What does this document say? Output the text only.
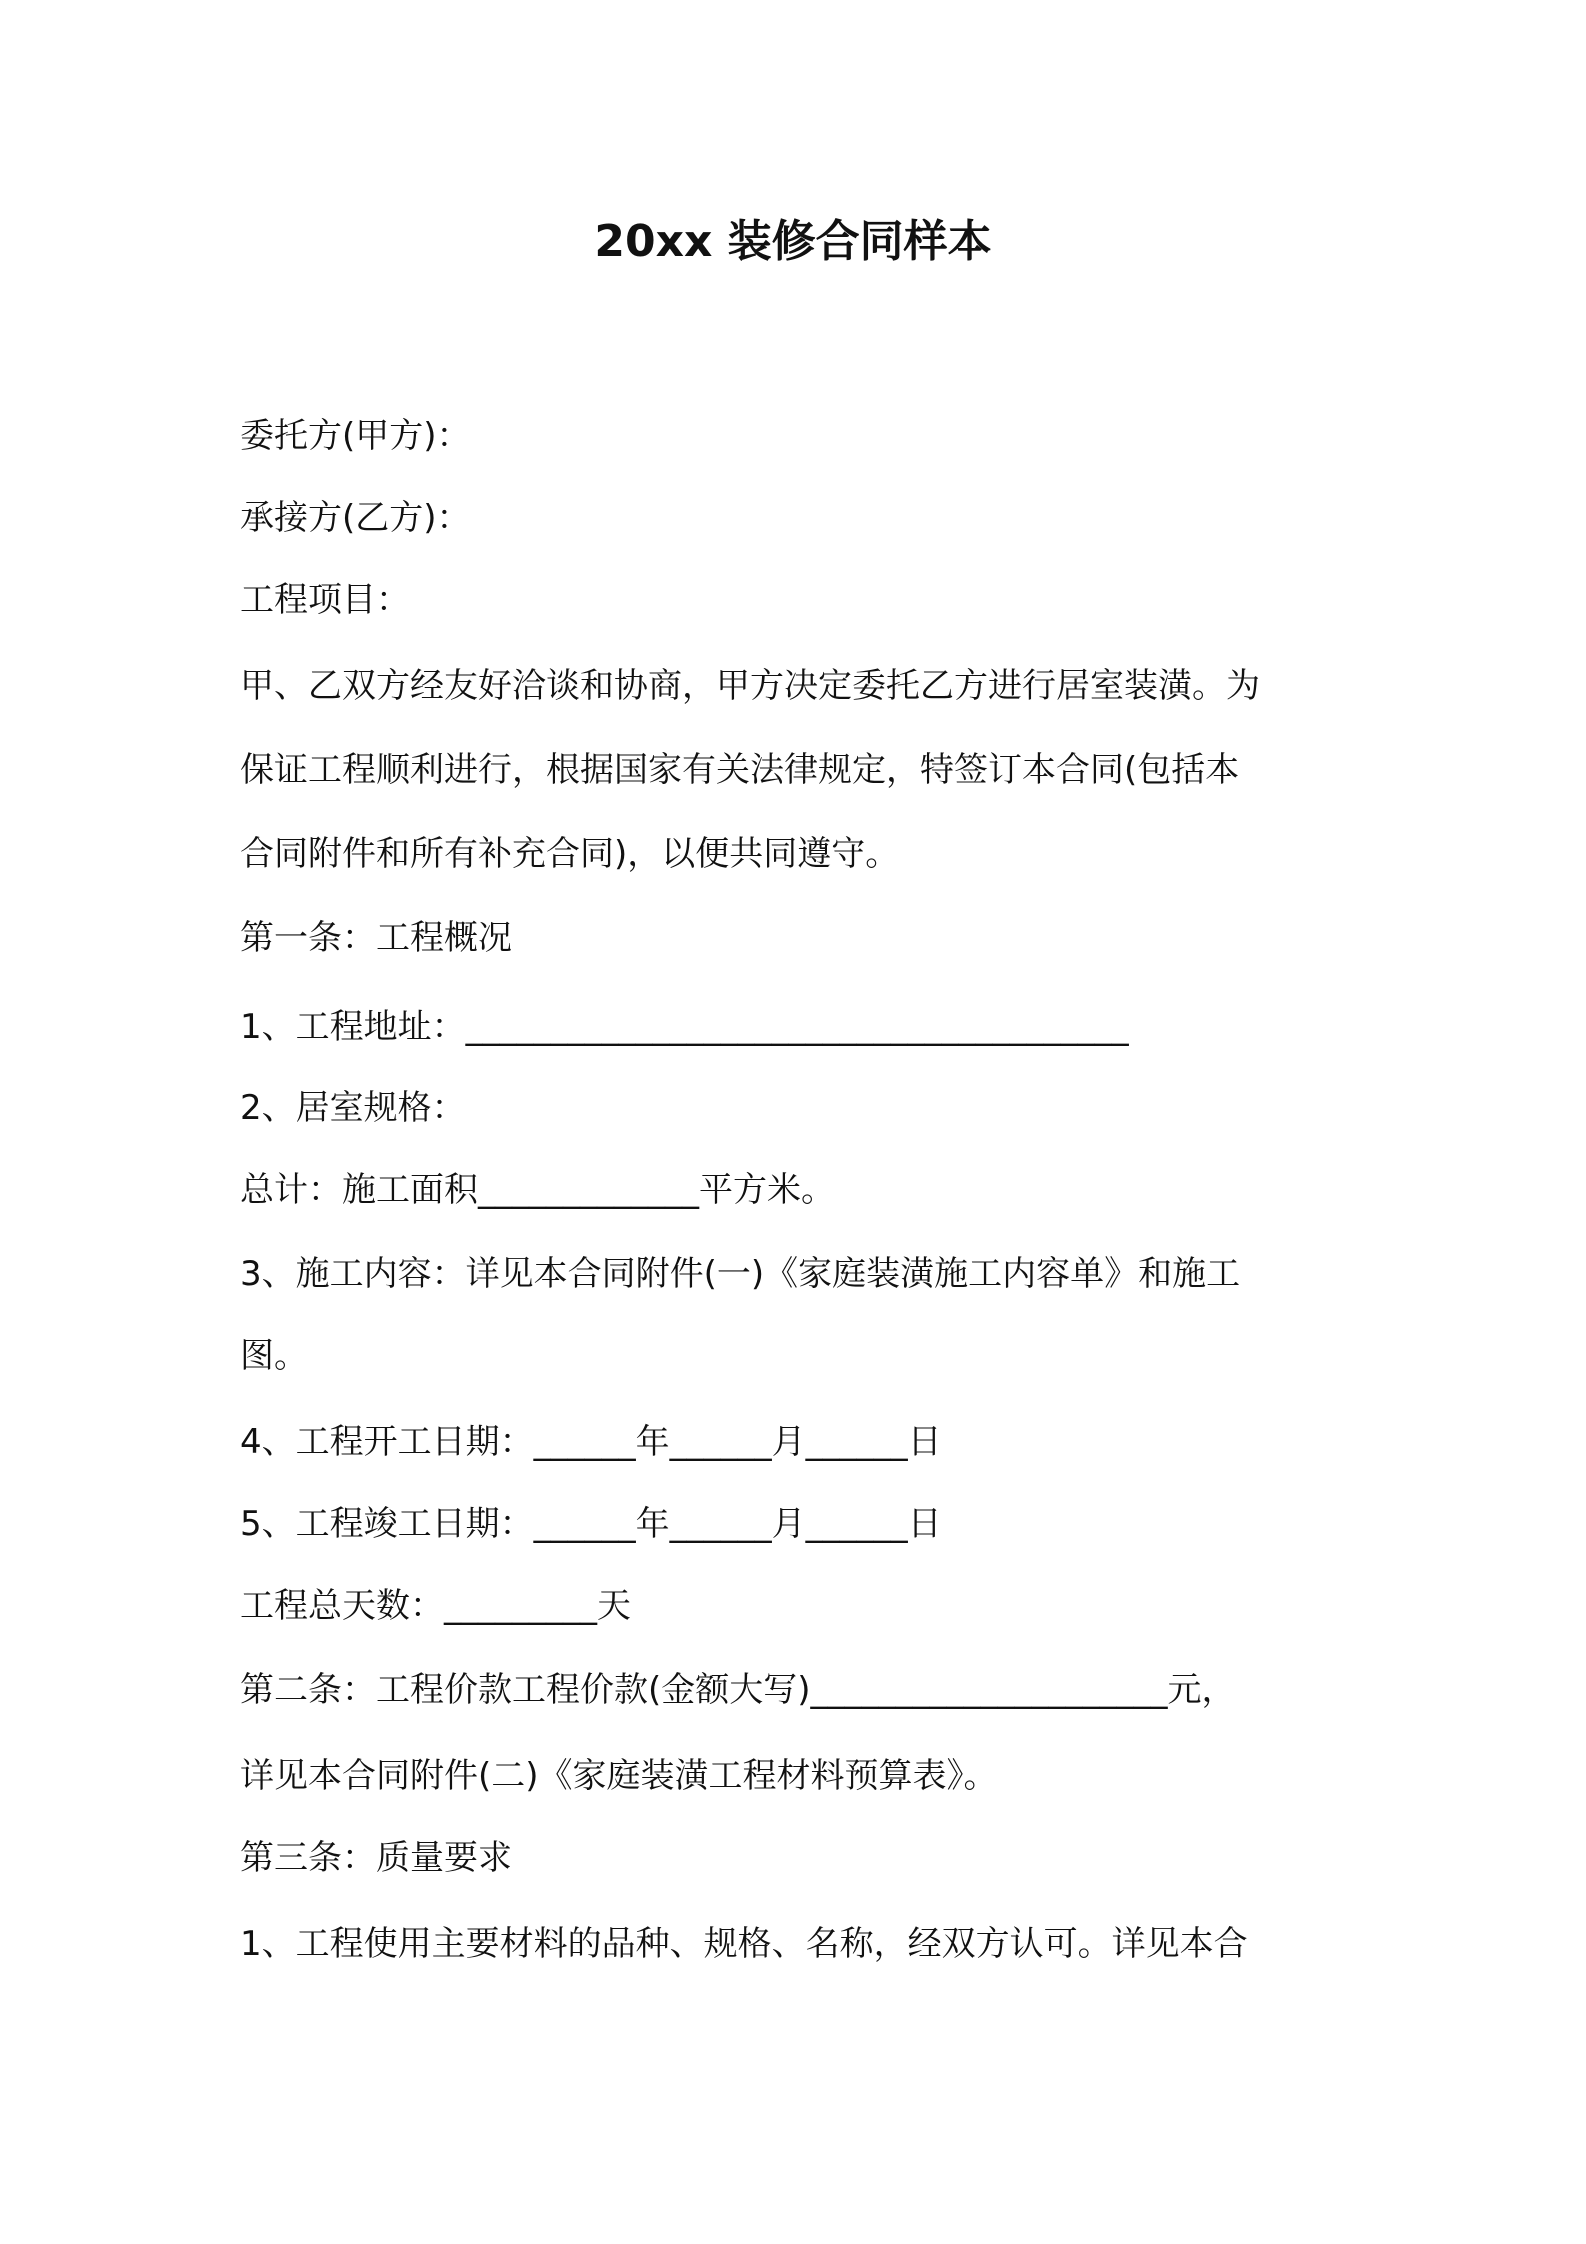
20xx 装修合同样本
委托方(甲方)：
承接方(乙方)：
工程项目：
甲、乙双方经友好洽谈和协商，甲方决定委托乙方进行居室装潢。为
保证工程顺利进行，根据国家有关法律规定，特签订本合同(包括本
合同附件和所有补充合同)，以便共同遵守。
第一条：工程概况
1、工程地址：_______________________________________
2、居室规格：
总计：施工面积_____________平方米。
3、施工内容：详见本合同附件(一)《家庭装潢施工内容单》和施工
图。
4、工程开工日期：______年______月______日
5、工程竣工日期：______年______月______日
工程总天数：_________天
第二条：工程价款工程价款(金额大写)_____________________元，
详见本合同附件(二)《家庭装潢工程材料预算表》。
第三条：质量要求
1、工程使用主要材料的品种、规格、名称，经双方认可。详见本合
